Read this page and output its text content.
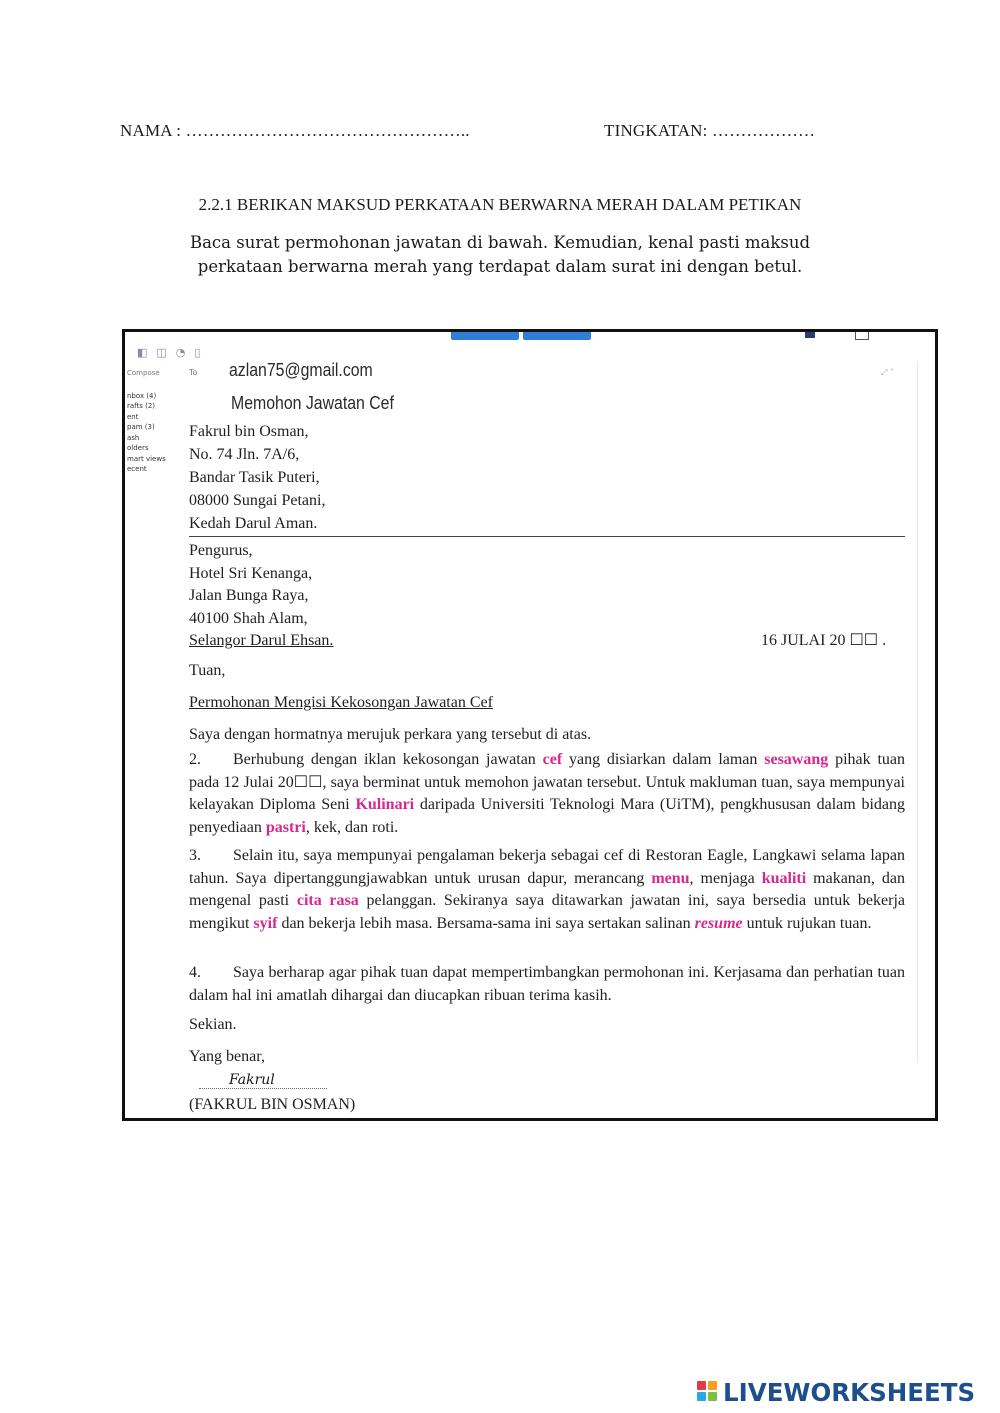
NAMA : …………………………………………..	TINGKATAN: ………………
2.2.1 BERIKAN MAKSUD PERKATAAN BERWARNA MERAH DALAM PETIKAN
Baca surat permohonan jawatan di bawah. Kemudian, kenal pasti maksud
perkataan berwarna merah yang terdapat dalam surat ini dengan betul.
◧◫◔▯
Compose
nbox (4)
rafts (2)
ent
pam (3)
ash
olders
mart views
ecent
To azlan75@gmail.com
Memohon Jawatan Cef
⤢ ˅
Fakrul bin Osman,
No. 74 Jln. 7A/6,
Bandar Tasik Puteri,
08000 Sungai Petani,
Kedah Darul Aman.
Pengurus,
Hotel Sri Kenanga,
Jalan Bunga Raya,
40100 Shah Alam,
Selangor Darul Ehsan.	16 JULAI 20 ☐☐ .
Tuan,
Permohonan Mengisi Kekosongan Jawatan Cef
Saya dengan hormatnya merujuk perkara yang tersebut di atas.
2. Berhubung dengan iklan kekosongan jawatan cef yang disiarkan dalam laman sesawang pihak tuan pada 12 Julai 20☐☐, saya berminat untuk memohon jawatan tersebut. Untuk makluman tuan, saya mempunyai kelayakan Diploma Seni Kulinari daripada Universiti Teknologi Mara (UiTM), pengkhususan dalam bidang penyediaan pastri, kek, dan roti.
3. Selain itu, saya mempunyai pengalaman bekerja sebagai cef di Restoran Eagle, Langkawi selama lapan tahun. Saya dipertanggungjawabkan untuk urusan dapur, merancang menu, menjaga kualiti makanan, dan mengenal pasti cita rasa pelanggan. Sekiranya saya ditawarkan jawatan ini, saya bersedia untuk bekerja mengikut syif dan bekerja lebih masa. Bersama-sama ini saya sertakan salinan resume untuk rujukan tuan.
4. Saya berharap agar pihak tuan dapat mempertimbangkan permohonan ini. Kerjasama dan perhatian tuan dalam hal ini amatlah dihargai dan diucapkan ribuan terima kasih.
Sekian.
Yang benar,
Fakrul
(FAKRUL BIN OSMAN)
LIVEWORKSHEETS
